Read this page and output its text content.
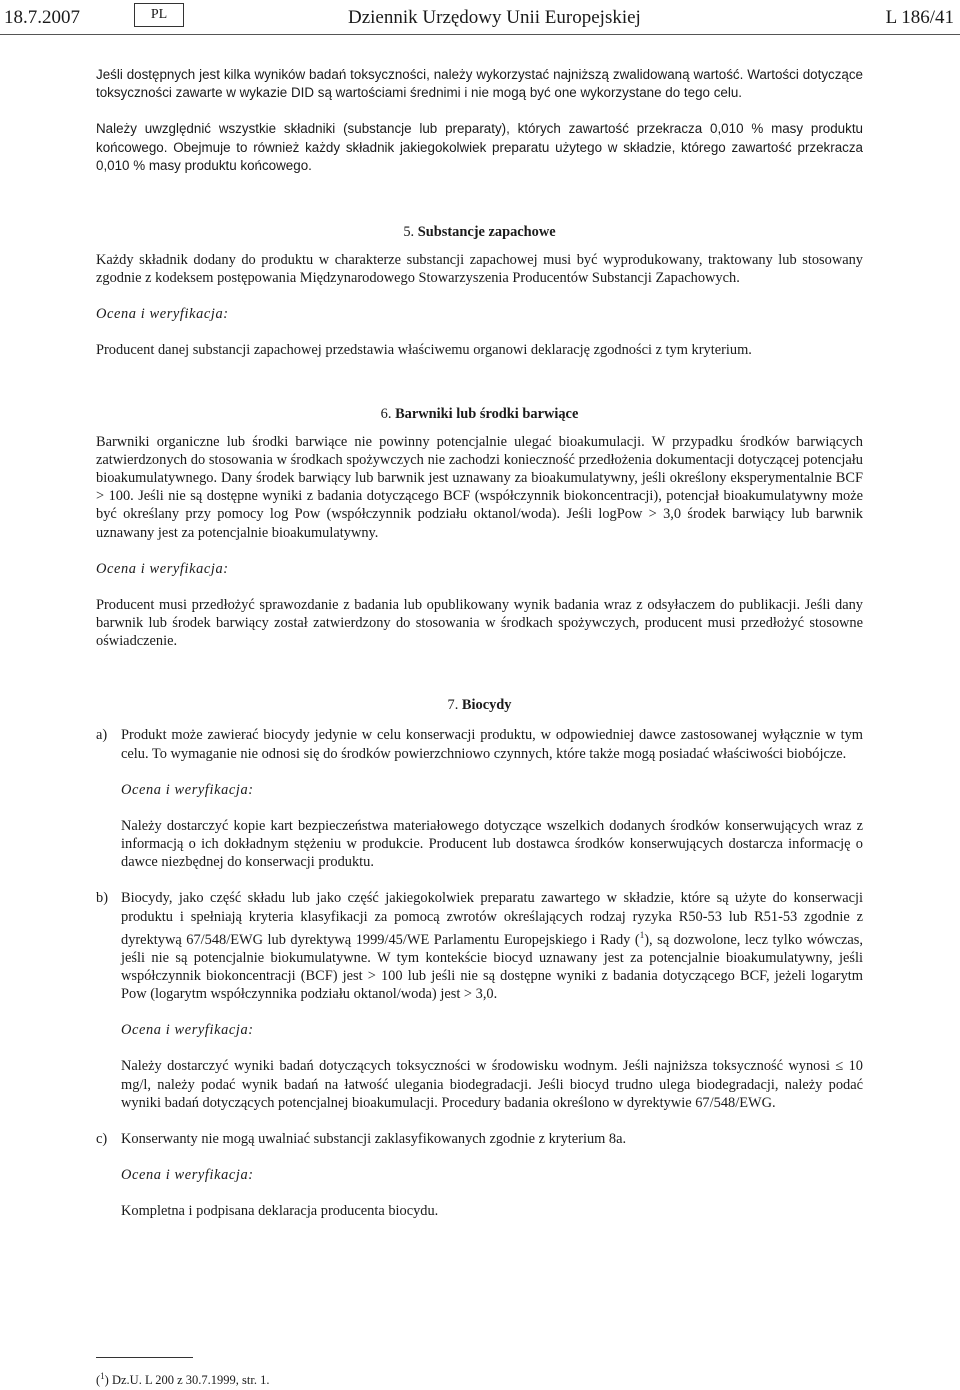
18.7.2007	PL	Dziennik Urzędowy Unii Europejskiej	L 186/41

Jeśli dostępnych jest kilka wyników badań toksyczności, należy wykorzystać najniższą zwalidowaną wartość. Wartości dotyczące toksyczności zawarte w wykazie DID są wartościami średnimi i nie mogą być one wykorzystane do tego celu.

Należy uwzględnić wszystkie składniki (substancje lub preparaty), których zawartość przekracza 0,010 % masy produktu końcowego. Obejmuje to również każdy składnik jakiegokolwiek preparatu użytego w składzie, którego zawartość przekracza 0,010 % masy produktu końcowego.

5. Substancje zapachowe

Każdy składnik dodany do produktu w charakterze substancji zapachowej musi być wyprodukowany, traktowany lub stosowany zgodnie z kodeksem postępowania Międzynarodowego Stowarzyszenia Producentów Substancji Zapachowych.

Ocena i weryfikacja:

Producent danej substancji zapachowej przedstawia właściwemu organowi deklarację zgodności z tym kryterium.

6. Barwniki lub środki barwiące

Barwniki organiczne lub środki barwiące nie powinny potencjalnie ulegać bioakumulacji. W przypadku środków barwiących zatwierdzonych do stosowania w środkach spożywczych nie zachodzi konieczność przedłożenia dokumentacji dotyczącej potencjału bioakumulatywnego. Dany środek barwiący lub barwnik jest uznawany za bioakumulatywny, jeśli określony eksperymentalnie BCF > 100. Jeśli nie są dostępne wyniki z badania dotyczącego BCF (współczynnik biokoncentracji), potencjał bioakumulatywny może być określany przy pomocy log Pow (współczynnik podziału oktanol/woda). Jeśli logPow > 3,0 środek barwiący lub barwnik uznawany jest za potencjalnie bioakumulatywny.

Ocena i weryfikacja:

Producent musi przedłożyć sprawozdanie z badania lub opublikowany wynik badania wraz z odsyłaczem do publikacji. Jeśli dany barwnik lub środek barwiący został zatwierdzony do stosowania w środkach spożywczych, producent musi przedłożyć stosowne oświadczenie.

7. Biocydy
a) Produkt może zawierać biocydy jedynie w celu konserwacji produktu, w odpowiedniej dawce zastosowanej wyłącznie w tym celu. To wymaganie nie odnosi się do środków powierzchniowo czynnych, które także mogą posiadać właściwości biobójcze.

Ocena i weryfikacja:

Należy dostarczyć kopie kart bezpieczeństwa materiałowego dotyczące wszelkich dodanych środków konserwujących wraz z informacją o ich dokładnym stężeniu w produkcie. Producent lub dostawca środków konserwujących dostarcza informację o dawce niezbędnej do konserwacji produktu.

b) Biocydy, jako część składu lub jako część jakiegokolwiek preparatu zawartego w składzie, które są użyte do konserwacji produktu i spełniają kryteria klasyfikacji za pomocą zwrotów określających rodzaj ryzyka R50-53 lub R51-53 zgodnie z dyrektywą 67/548/EWG lub dyrektywą 1999/45/WE Parlamentu Europejskiego i Rady ($^1$), są dozwolone, lecz tylko wówczas, jeśli nie są potencjalnie biokumulatywne. W tym kontekście biocyd uznawany jest za potencjalnie bioakumulatywny, jeśli współczynnik biokoncentracji (BCF) jest > 100 lub jeśli nie są dostępne wyniki z badania dotyczącego BCF, jeżeli logarytm Pow (logarytm współczynnika podziału oktanol/woda) jest > 3,0.

Ocena i weryfikacja:

Należy dostarczyć wyniki badań dotyczących toksyczności w środowisku wodnym. Jeśli najniższa toksyczność wynosi ≤ 10 mg/l, należy podać wynik badań na łatwość ulegania biodegradacji. Jeśli biocyd trudno ulega biodegradacji, należy podać wyniki badań dotyczących potencjalnej bioakumulacji. Procedury badania określono w dyrektywie 67/548/EWG.

c) Konserwanty nie mogą uwalniać substancji zaklasyfikowanych zgodnie z kryterium 8a.

Ocena i weryfikacja:

Kompletna i podpisana deklaracja producenta biocydu.

($^1$) Dz.U. L 200 z 30.7.1999, str. 1.
